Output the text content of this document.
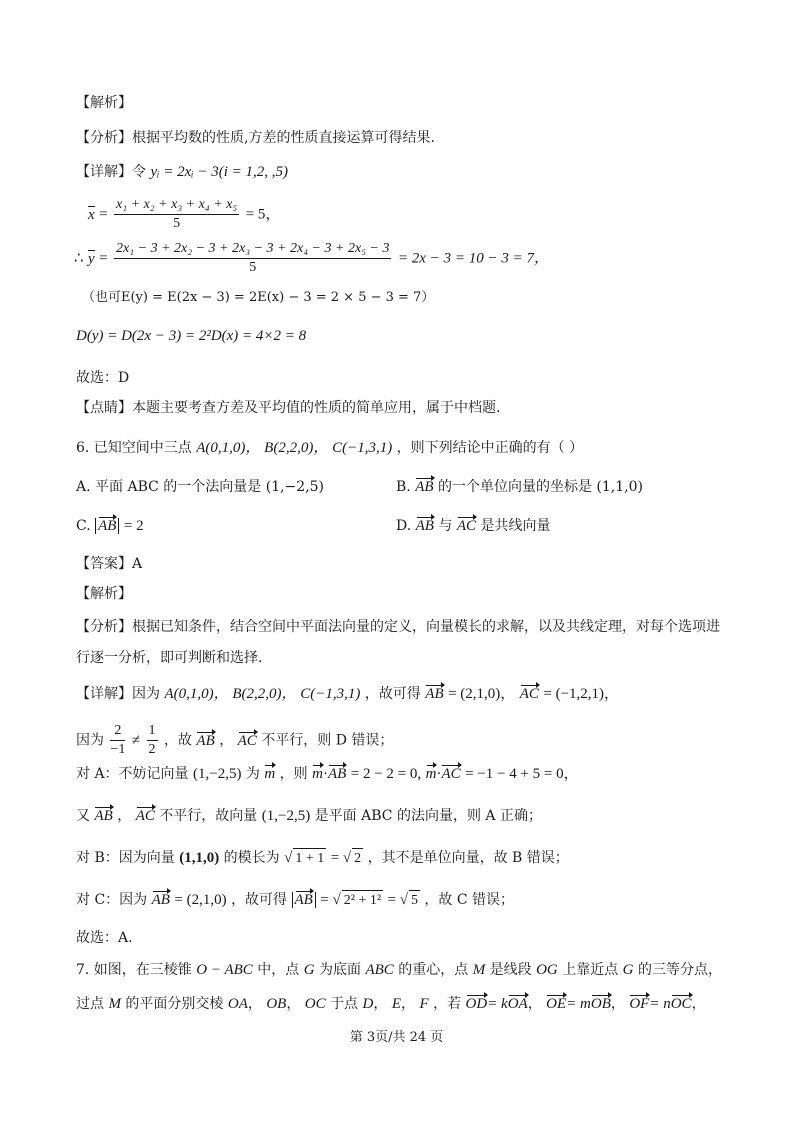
【解析】
【分析】根据平均数的性质,方差的性质直接运算可得结果.
【详解】令 yᵢ = 2xᵢ − 3(i = 1,2, ,5)
$x = \frac{\text{x₁ + x₂ + x₃ + x₄ + x₅}}{5} = 5$，
∴ $y = \frac{\text{2x₁ − 3 + 2x₂ − 3 + 2x₃ − 3 + 2x₄ − 3 + 2x₅ − 3}}{5} = 2x - 3 = 10 - 3 = 7$，
（也可E(y) = E(2x − 3) = 2E(x) − 3 = 2 × 5 − 3 = 7）
D(y) = D(2x − 3) = 2²D(x) = 4×2 = 8
故选：D
【点睛】本题主要考查方差及平均值的性质的简单应用，属于中档题.
6. 已知空间中三点 A(0,1,0)， B(2,2,0)， C(−1,3,1) ，则下列结论中正确的有（ ）
A. 平面 ABC 的一个法向量是 (1,−2,5)	B. AB 的一个单位向量的坐标是 (1,1,0)
C. AB = 2	D. AB 与 AC 是共线向量
【答案】A
【解析】
【分析】根据已知条件，结合空间中平面法向量的定义，向量模长的求解，以及共线定理，对每个选项进
行逐一分析，即可判断和选择.
【详解】因为 A(0,1,0)， B(2,2,0)， C(−1,3,1) ，故可得 AB = (2,1,0)， AC = (−1,2,1)，
因为 $\frac{2}{-1} \ne \frac{1}{2}$ ，故 AB ， AC 不平行，则 D 错误；
对 A：不妨记向量 (1,−2,5) 为 m ，则 m·AB = 2 − 2 = 0, m·AC = −1 − 4 + 5 = 0，
又 AB ， AC 不平行，故向量 (1,−2,5) 是平面 ABC 的法向量，则 A 正确；
对 B：因为向量 (1,1,0) 的模长为 √ 1 + 1 = √ 2 ，其不是单位向量，故 B 错误；
对 C：因为 AB = (2,1,0) ，故可得 AB = √ 2² + 1² = √ 5 ，故 C 错误；
故选：A.
7. 如图，在三棱锥 O − ABC 中，点 G 为底面 ABC 的重心，点 M 是线段 OG 上靠近点 G 的三等分点，
过点 M 的平面分别交棱 OA， OB， OC 于点 D， E， F ，若 OD= kOA， OE= mOB， OF= nOC，
第 3页/共 24 页
